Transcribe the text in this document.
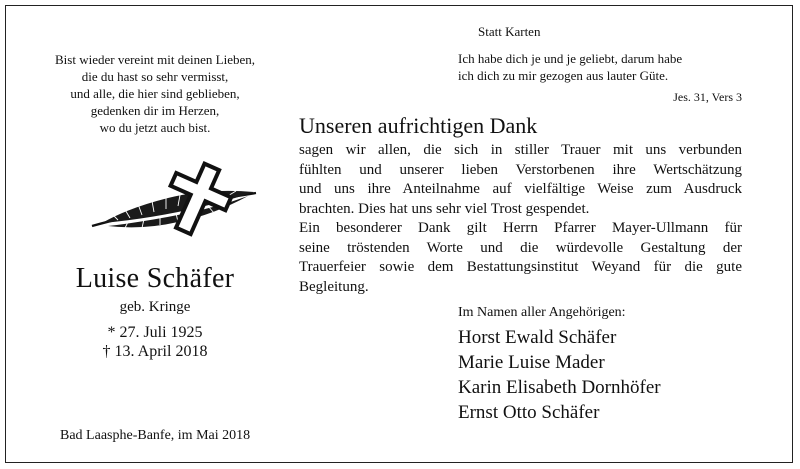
Bist wieder vereint mit deinen Lieben,
die du hast so sehr vermisst,
und alle, die hier sind geblieben,
gedenken dir im Herzen,
wo du jetzt auch bist.
Luise Schäfer
geb. Kringe
* 27. Juli 1925
† 13. April 2018
Bad Laasphe-Banfe, im Mai 2018
Statt Karten
Ich habe dich je und je geliebt, darum habe
ich dich zu mir gezogen aus lauter Güte.
Jes. 31, Vers 3
Unseren aufrichtigen Dank
sagen wir allen, die sich in stiller Trauer mit uns verbunden
fühlten und unserer lieben Verstorbenen ihre Wertschätzung
und uns ihre Anteilnahme auf vielfältige Weise zum Ausdruck
brachten. Dies hat uns sehr viel Trost gespendet.
Ein besonderer Dank gilt Herrn Pfarrer Mayer-Ullmann für
seine tröstenden Worte und die würdevolle Gestaltung der
Trauerfeier sowie dem Bestattungsinstitut Weyand für die gute
Begleitung.
Im Namen aller Angehörigen:
Horst Ewald Schäfer
Marie Luise Mader
Karin Elisabeth Dornhöfer
Ernst Otto Schäfer
